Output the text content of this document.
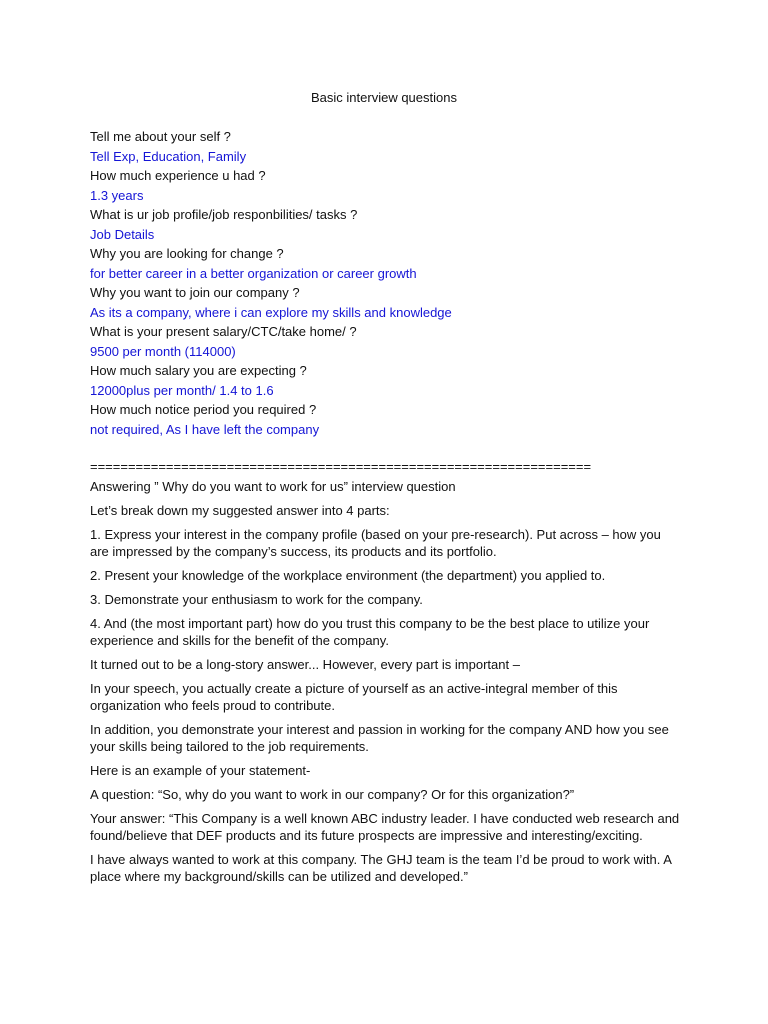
Basic interview questions
Tell me about your self ?
Tell Exp, Education, Family
How much experience u had ?
1.3 years
What is ur job profile/job responbilities/ tasks ?
Job Details
Why you are looking for change ?
for better career in a better organization or career growth
Why you want to join our company ?
As its a company, where i can explore my skills and knowledge
What is your present salary/CTC/take home/ ?
9500 per month (114000)
How much salary you are expecting ?
12000plus per month/ 1.4 to 1.6
How much notice period you required ?
not required, As I have left the company
==================================================================

Answering ” Why do you want to work for us” interview question

Let’s break down my suggested answer into 4 parts:

1. Express your interest in the company profile (based on your pre-research). Put across – how you are impressed by the company’s success, its products and its portfolio.

2. Present your knowledge of the workplace environment (the department) you applied to.

3. Demonstrate your enthusiasm to work for the company.

4. And (the most important part) how do you trust this company to be the best place to utilize your experience and skills for the benefit of the company.

It turned out to be a long-story answer... However, every part is important –

In your speech, you actually create a picture of yourself as an active-integral member of this organization who feels proud to contribute.

In addition, you demonstrate your interest and passion in working for the company AND how you see your skills being tailored to the job requirements.

Here is an example of your statement-

A question: “So, why do you want to work in our company? Or for this organization?”

Your answer: “This Company is a well known ABC industry leader. I have conducted web research and found/believe that DEF products and its future prospects are impressive and interesting/exciting.

I have always wanted to work at this company. The GHJ team is the team I’d be proud to work with. A place where my background/skills can be utilized and developed.”
